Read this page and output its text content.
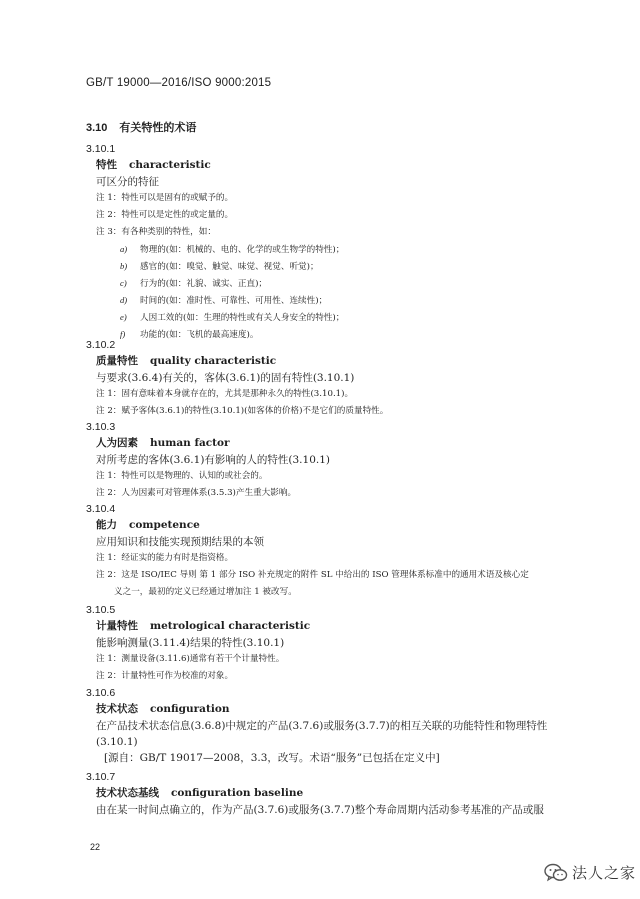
GB/T 19000—2016/ISO 9000:2015
3.10 有关特性的术语
3.10.1
特性 characteristic
可区分的特征
注 1：特性可以是固有的或赋予的。
注 2：特性可以是定性的或定量的。
注 3：有各种类别的特性，如：
a) 物理的(如：机械的、电的、化学的或生物学的特性)；
b) 感官的(如：嗅觉、触觉、味觉、视觉、听觉)；
c) 行为的(如：礼貌、诚实、正直)；
d) 时间的(如：准时性、可靠性、可用性、连续性)；
e) 人因工效的(如：生理的特性或有关人身安全的特性)；
f) 功能的(如：飞机的最高速度)。
3.10.2
质量特性 quality characteristic
与要求(3.6.4)有关的，客体(3.6.1)的固有特性(3.10.1)
注 1：固有意味着本身就存在的，尤其是那种永久的特性(3.10.1)。
注 2：赋予客体(3.6.1)的特性(3.10.1)(如客体的价格)不是它们的质量特性。
3.10.3
人为因素 human factor
对所考虑的客体(3.6.1)有影响的人的特性(3.10.1)
注 1：特性可以是物理的、认知的或社会的。
注 2：人为因素可对管理体系(3.5.3)产生重大影响。
3.10.4
能力 competence
应用知识和技能实现预期结果的本领
注 1：经证实的能力有时是指资格。
注 2：这是 ISO/IEC 导则 第 1 部分 ISO 补充规定的附件 SL 中给出的 ISO 管理体系标准中的通用术语及核心定
义之一，最初的定义已经通过增加注 1 被改写。
3.10.5
计量特性 metrological characteristic
能影响测量(3.11.4)结果的特性(3.10.1)
注 1：测量设备(3.11.6)通常有若干个计量特性。
注 2：计量特性可作为校准的对象。
3.10.6
技术状态 configuration
在产品技术状态信息(3.6.8)中规定的产品(3.7.6)或服务(3.7.7)的相互关联的功能特性和物理特性(3.10.1)
[源自：GB/T 19017—2008，3.3，改写。术语“服务”已包括在定义中]
3.10.7
技术状态基线 configuration baseline
由在某一时间点确立的，作为产品(3.7.6)或服务(3.7.7)整个寿命周期内活动参考基准的产品或服
22
法人之家
